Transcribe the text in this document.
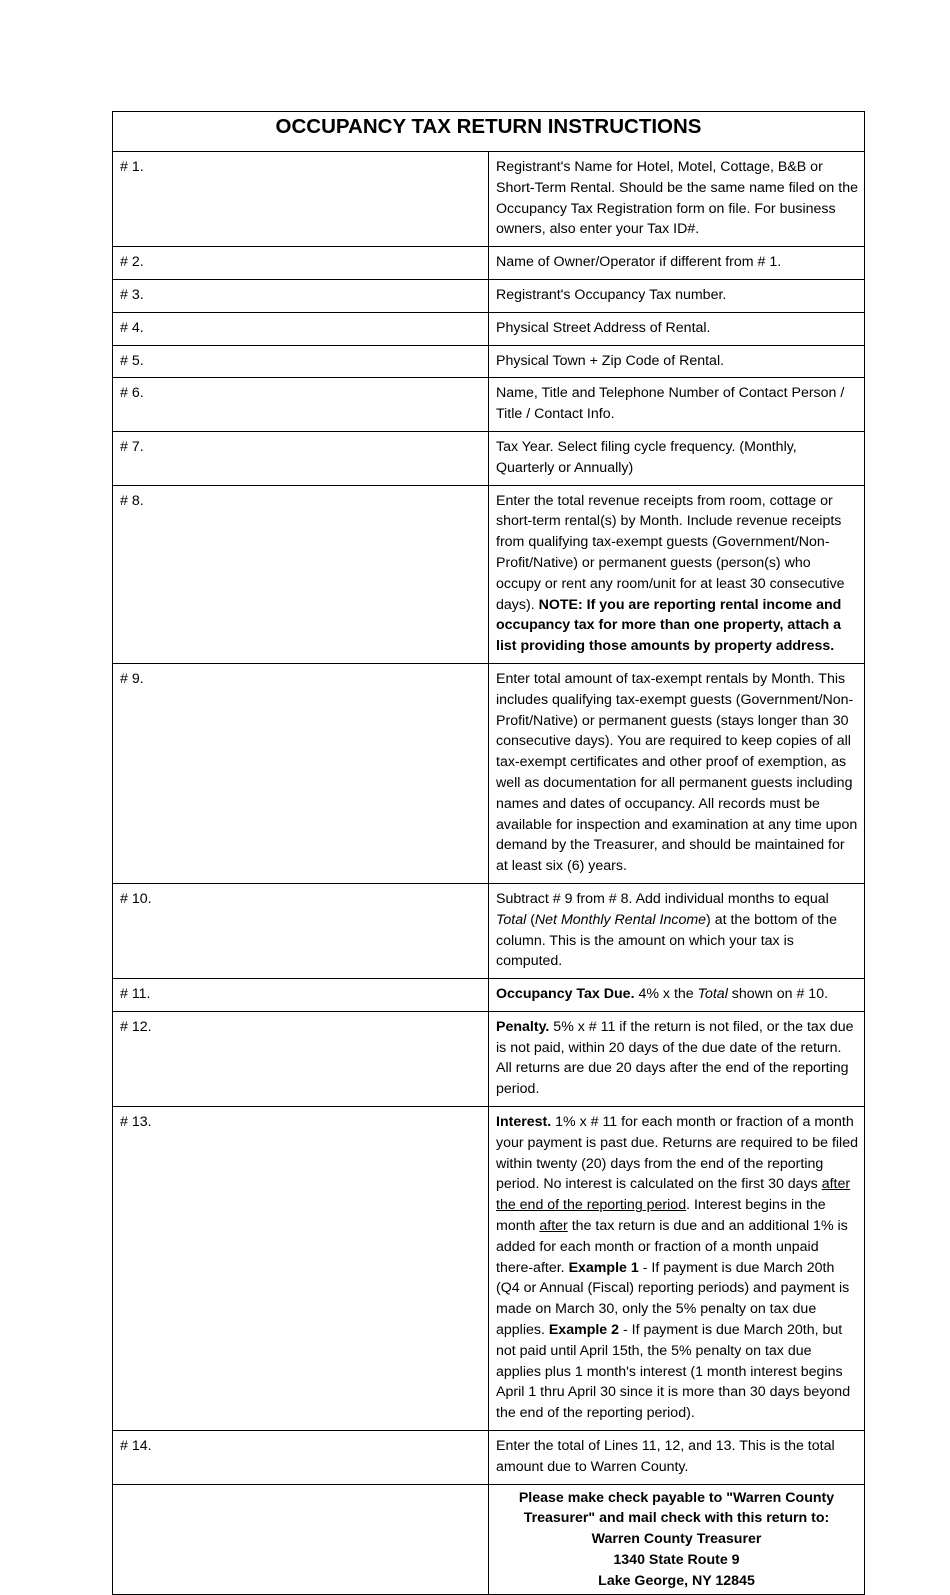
OCCUPANCY TAX RETURN INSTRUCTIONS	
# 1.	Registrant's Name for Hotel, Motel, Cottage, B&B or Short-Term Rental. Should be the same name filed on the Occupancy Tax Registration form on file. For business owners, also enter your Tax ID#.
# 2.	Name of Owner/Operator if different from # 1.
# 3.	Registrant's Occupancy Tax number.
# 4.	Physical Street Address of Rental.
# 5.	Physical Town + Zip Code of Rental.
# 6.	Name, Title and Telephone Number of Contact Person / Title / Contact Info.
# 7.	Tax Year. Select filing cycle frequency. (Monthly, Quarterly or Annually)
# 8.	Enter the total revenue receipts from room, cottage or short-term rental(s) by Month. Include revenue receipts from qualifying tax-exempt guests (Government/Non-Profit/Native) or permanent guests (person(s) who occupy or rent any room/unit for at least 30 consecutive days). NOTE: If you are reporting rental income and occupancy tax for more than one property, attach a list providing those amounts by property address.
# 9.	Enter total amount of tax-exempt rentals by Month. This includes qualifying tax-exempt guests (Government/Non-Profit/Native) or permanent guests (stays longer than 30 consecutive days). You are required to keep copies of all tax-exempt certificates and other proof of exemption, as well as documentation for all permanent guests including names and dates of occupancy. All records must be available for inspection and examination at any time upon demand by the Treasurer, and should be maintained for at least six (6) years.
# 10.	Subtract # 9 from # 8. Add individual months to equal Total (Net Monthly Rental Income) at the bottom of the column. This is the amount on which your tax is computed.
# 11.	Occupancy Tax Due. 4% x the Total shown on # 10.
# 12.	Penalty. 5% x # 11 if the return is not filed, or the tax due is not paid, within 20 days of the due date of the return. All returns are due 20 days after the end of the reporting period.
# 13.	Interest. 1% x # 11 for each month or fraction of a month your payment is past due. Returns are required to be filed within twenty (20) days from the end of the reporting period. No interest is calculated on the first 30 days after the end of the reporting period. Interest begins in the month after the tax return is due and an additional 1% is added for each month or fraction of a month unpaid there-after. Example 1 - If payment is due March 20th (Q4 or Annual (Fiscal) reporting periods) and payment is made on March 30, only the 5% penalty on tax due applies. Example 2 - If payment is due March 20th, but not paid until April 15th, the 5% penalty on tax due applies plus 1 month's interest (1 month interest begins April 1 thru April 30 since it is more than 30 days beyond the end of the reporting period).
# 14.	Enter the total of Lines 11, 12, and 13. This is the total amount due to Warren County.

	Please make check payable to "Warren County Treasurer" and mail check with this return to:
Warren County Treasurer
1340 State Route 9
Lake George, NY 12845
